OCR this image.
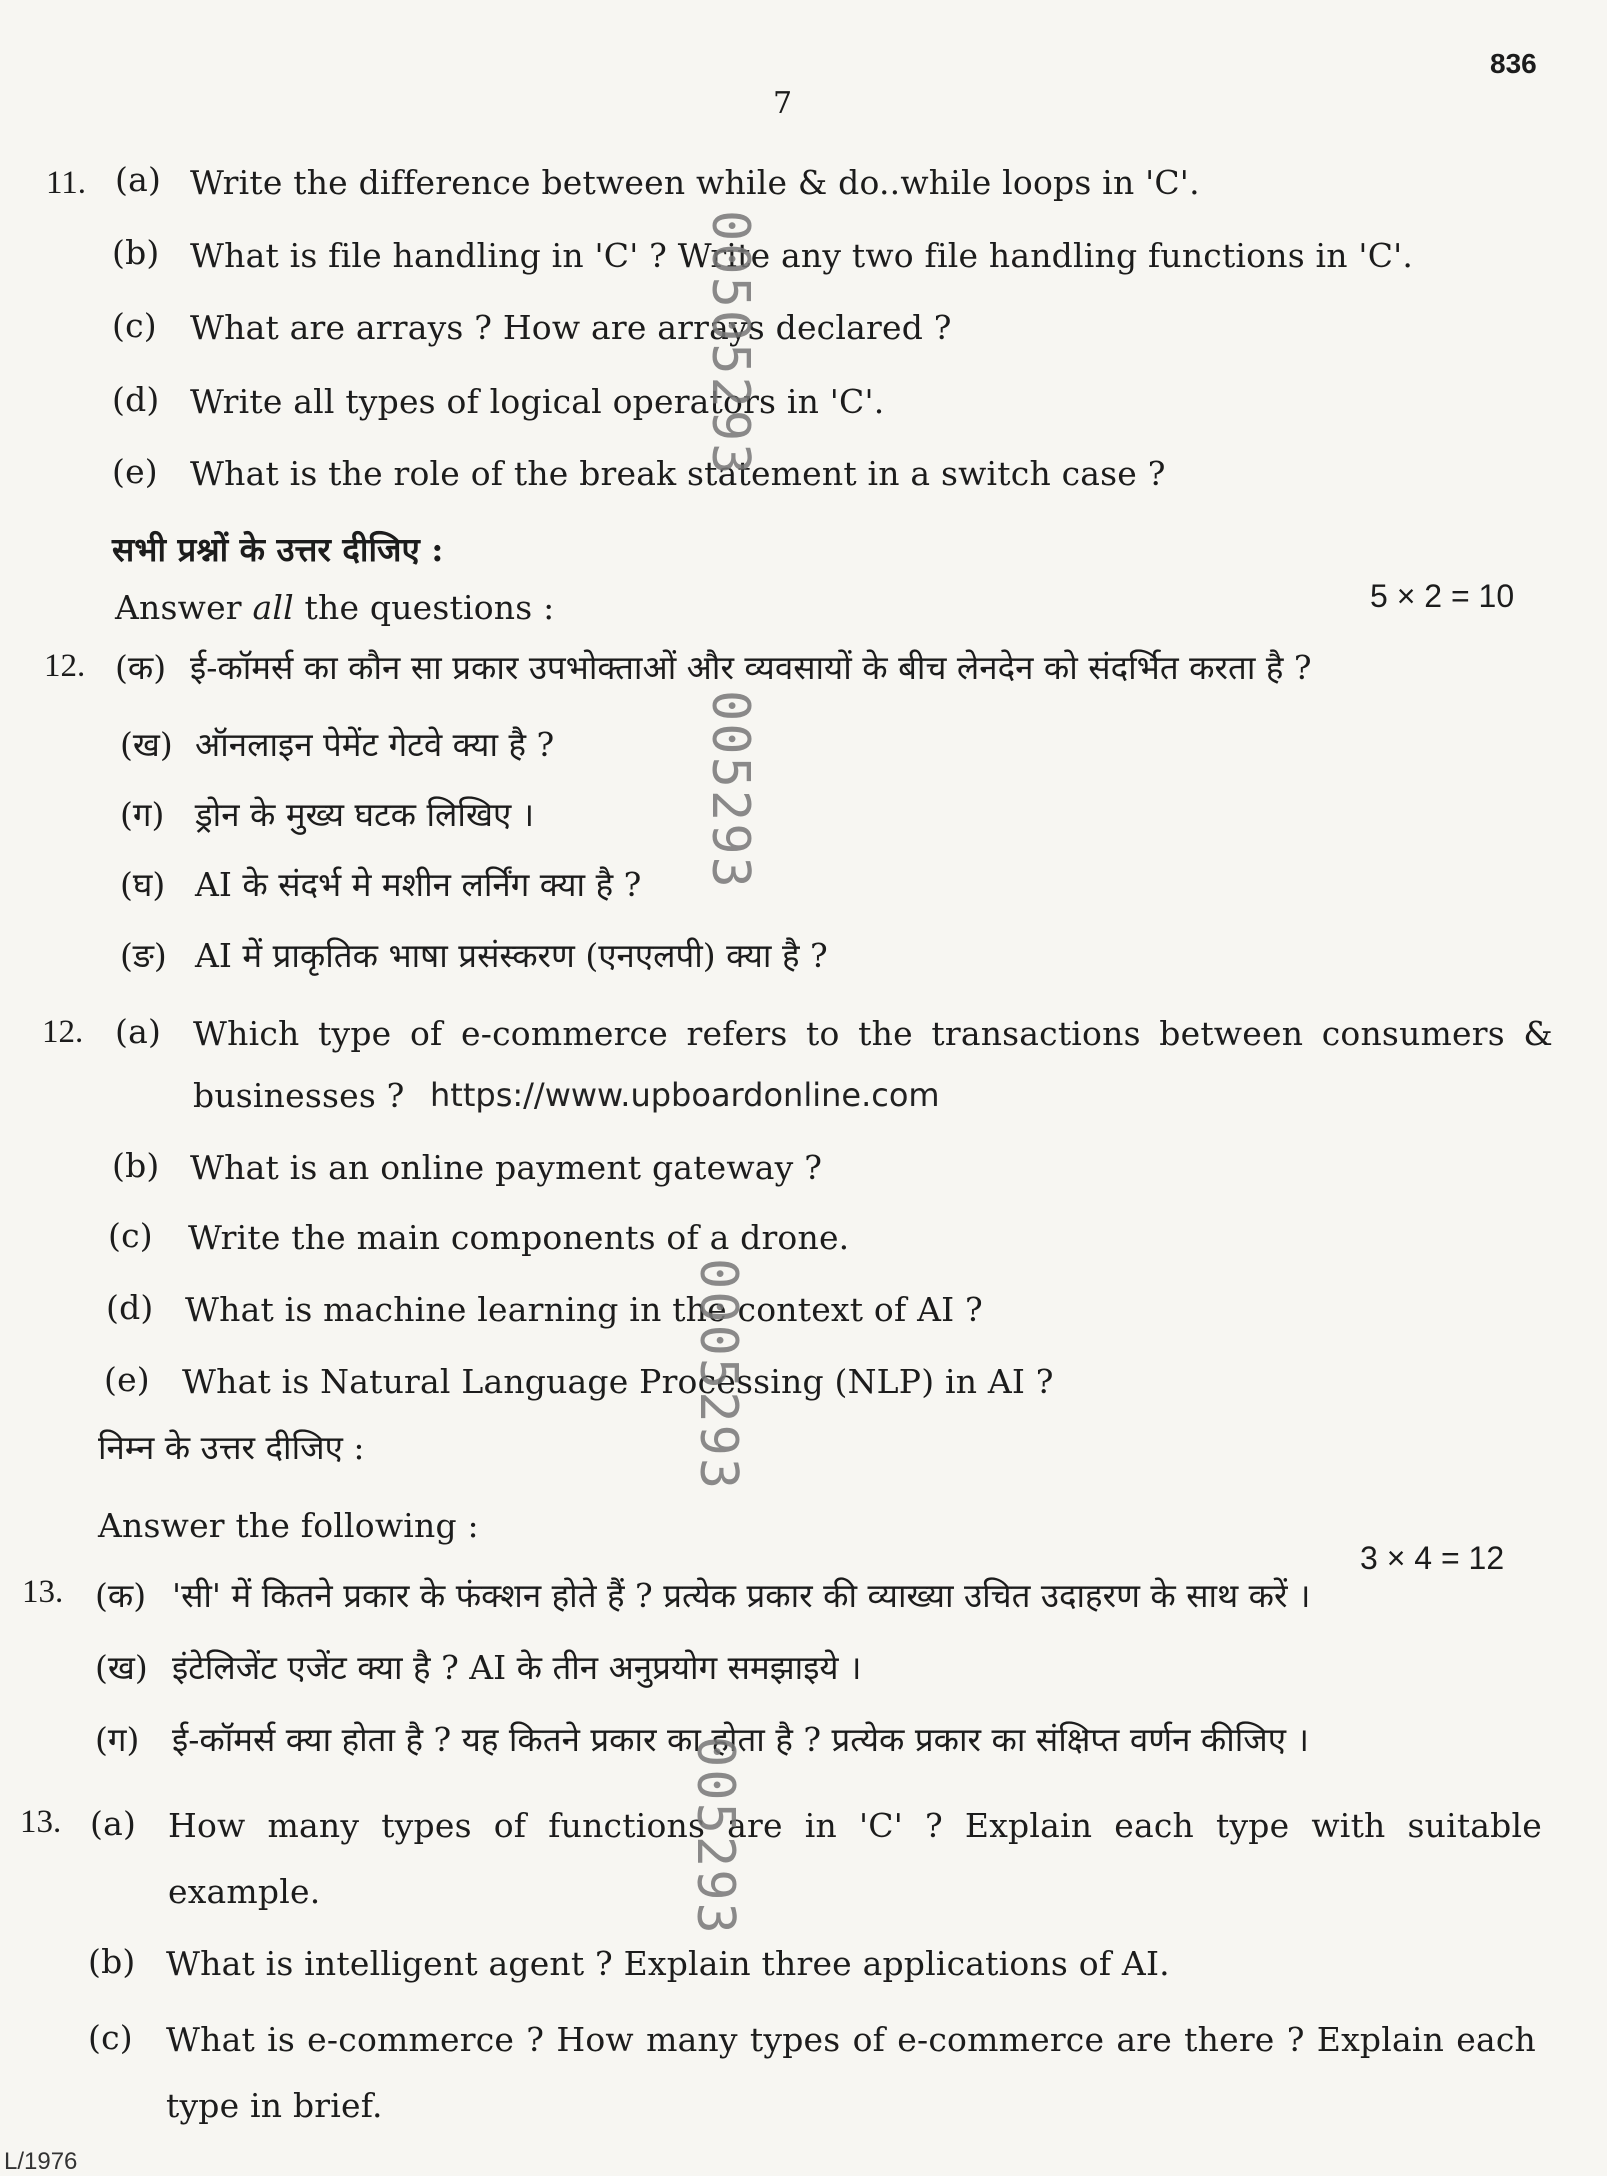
836
7
11. (a) Write the difference between while & do..while loops in 'C'.
(b) What is file handling in 'C' ? Write any two file handling functions in 'C'.
(c) What are arrays ? How are arrays declared ?
(d) Write all types of logical operators in 'C'.
(e) What is the role of the break statement in a switch case ?
सभी प्रश्नों के उत्तर दीजिए :
Answer all the questions :	5 × 2 = 10
12. (क) ई-कॉमर्स का कौन सा प्रकार उपभोक्ताओं और व्यवसायों के बीच लेनदेन को संदर्भित करता है ?
(ख) ऑनलाइन पेमेंट गेटवे क्या है ?
(ग) ड्रोन के मुख्य घटक लिखिए ।
(घ) AI के संदर्भ मे मशीन लर्निंग क्या है ?
(ङ) AI में प्राकृतिक भाषा प्रसंस्करण (एनएलपी) क्या है ?
12. (a) Which type of e-commerce refers to the transactions between consumers &
businesses ? https://www.upboardonline.com
(b) What is an online payment gateway ?
(c) Write the main components of a drone.
(d) What is machine learning in the context of AI ?
(e) What is Natural Language Processing (NLP) in AI ?
निम्न के उत्तर दीजिए :
Answer the following :
3 × 4 = 12
13. (क) 'सी' में कितने प्रकार के फंक्शन होते हैं ? प्रत्येक प्रकार की व्याख्या उचित उदाहरण के साथ करें ।
(ख) इंटेलिजेंट एजेंट क्या है ? AI के तीन अनुप्रयोग समझाइये ।
(ग) ई-कॉमर्स क्या होता है ? यह कितने प्रकार का होता है ? प्रत्येक प्रकार का संक्षिप्त वर्णन कीजिए ।
13. (a) How many types of functions are in 'C' ? Explain each type with suitable
example.
(b) What is intelligent agent ? Explain three applications of AI.
(c) What is e-commerce ? How many types of e-commerce are there ? Explain each
type in brief.
00505293
005293
0005293
005293
L/1976
